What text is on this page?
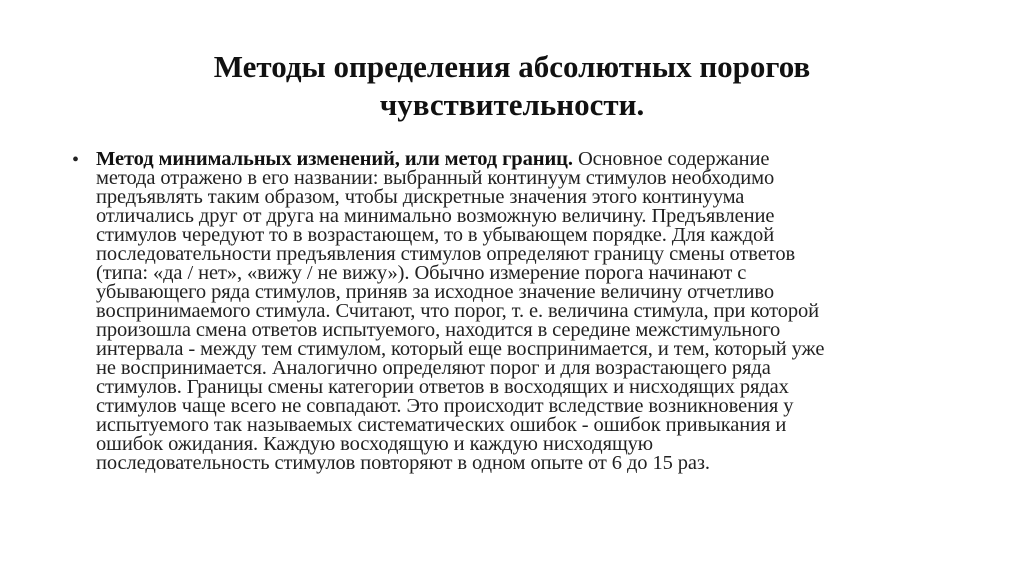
Методы определения абсолютных порогов
чувствительности.
• Метод минимальных изменений, или метод границ. Основное содержание
метода отражено в его названии: выбранный континуум стимулов необходимо
предъявлять таким образом, чтобы дискретные значения этого континуума
отличались друг от друга на минимально возможную величину. Предъявление
стимулов чередуют то в возрастающем, то в убывающем порядке. Для каждой
последовательности предъявления стимулов определяют границу смены ответов
(типа: «да / нет», «вижу / не вижу»). Обычно измерение порога начинают с
убывающего ряда стимулов, приняв за исходное значение величину отчетливо
воспринимаемого стимула. Считают, что порог, т. е. величина стимула, при которой
произошла смена ответов испытуемого, находится в середине межстимульного
интервала - между тем стимулом, который еще воспринимается, и тем, который уже
не воспринимается. Аналогично определяют порог и для возрастающего ряда
стимулов. Границы смены категории ответов в восходящих и нисходящих рядах
стимулов чаще всего не совпадают. Это происходит вследствие возникновения у
испытуемого так называемых систематических ошибок - ошибок привыкания и
ошибок ожидания. Каждую восходящую и каждую нисходящую
последовательность стимулов повторяют в одном опыте от 6 до 15 раз.
